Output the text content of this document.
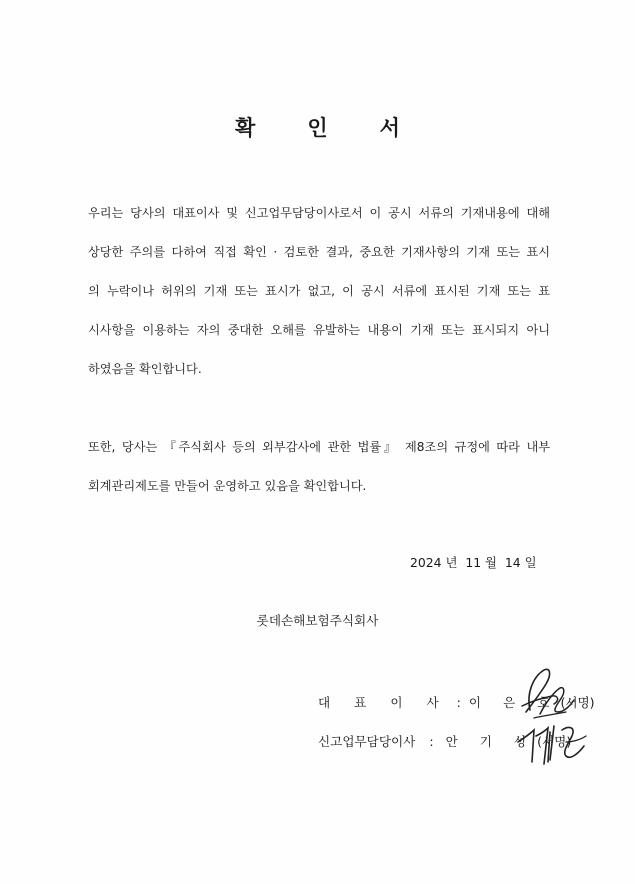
확 인 서
우리는 당사의 대표이사 및 신고업무담당이사로서 이 공시 서류의 기재내용에 대해
상당한 주의를 다하여 직접 확인 · 검토한 결과, 중요한 기재사항의 기재 또는 표시
의 누락이나 허위의 기재 또는 표시가 없고, 이 공시 서류에 표시된 기재 또는 표
시사항을 이용하는 자의 중대한 오해를 유발하는 내용이 기재 또는 표시되지 아니
하였음을 확인합니다.
또한, 당사는 『주식회사 등의 외부감사에 관한 법률』 제8조의 규정에 따라 내부
회계관리제도를 만들어 운영하고 있음을 확인합니다.
2024 년  11 월  14 일
롯데손해보험주식회사
대 표 이 사 : 이 은 호 (서명)
신고업무담당이사 : 안 기 성 (서명)
